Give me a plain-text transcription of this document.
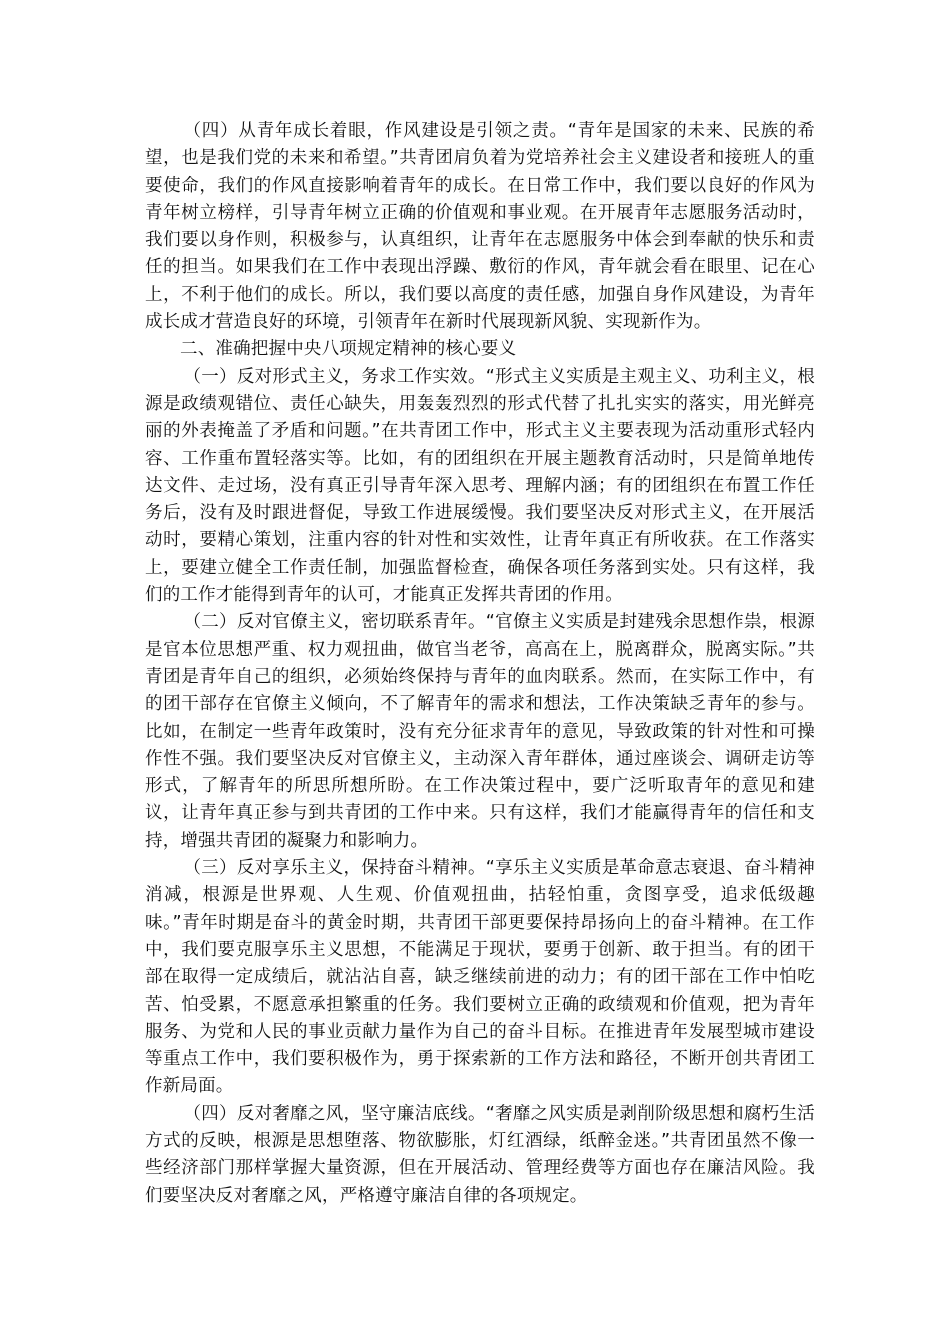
（四）从青年成长着眼，作风建设是引领之责。“青年是国家的未来、民族的希望，也是我们党的未来和希望。”共青团肩负着为党培养社会主义建设者和接班人的重要使命，我们的作风直接影响着青年的成长。在日常工作中，我们要以良好的作风为青年树立榜样，引导青年树立正确的价值观和事业观。在开展青年志愿服务活动时，我们要以身作则，积极参与，认真组织，让青年在志愿服务中体会到奉献的快乐和责任的担当。如果我们在工作中表现出浮躁、敷衍的作风，青年就会看在眼里、记在心上，不利于他们的成长。所以，我们要以高度的责任感，加强自身作风建设，为青年成长成才营造良好的环境，引领青年在新时代展现新风貌、实现新作为。

二、准确把握中央八项规定精神的核心要义

（一）反对形式主义，务求工作实效。“形式主义实质是主观主义、功利主义，根源是政绩观错位、责任心缺失，用轰轰烈烈的形式代替了扎扎实实的落实，用光鲜亮丽的外表掩盖了矛盾和问题。”在共青团工作中，形式主义主要表现为活动重形式轻内容、工作重布置轻落实等。比如，有的团组织在开展主题教育活动时，只是简单地传达文件、走过场，没有真正引导青年深入思考、理解内涵；有的团组织在布置工作任务后，没有及时跟进督促，导致工作进展缓慢。我们要坚决反对形式主义，在开展活动时，要精心策划，注重内容的针对性和实效性，让青年真正有所收获。在工作落实上，要建立健全工作责任制，加强监督检查，确保各项任务落到实处。只有这样，我们的工作才能得到青年的认可，才能真正发挥共青团的作用。

（二）反对官僚主义，密切联系青年。“官僚主义实质是封建残余思想作祟，根源是官本位思想严重、权力观扭曲，做官当老爷，高高在上，脱离群众，脱离实际。”共青团是青年自己的组织，必须始终保持与青年的血肉联系。然而，在实际工作中，有的团干部存在官僚主义倾向，不了解青年的需求和想法，工作决策缺乏青年的参与。比如，在制定一些青年政策时，没有充分征求青年的意见，导致政策的针对性和可操作性不强。我们要坚决反对官僚主义，主动深入青年群体，通过座谈会、调研走访等形式，了解青年的所思所想所盼。在工作决策过程中，要广泛听取青年的意见和建议，让青年真正参与到共青团的工作中来。只有这样，我们才能赢得青年的信任和支持，增强共青团的凝聚力和影响力。

（三）反对享乐主义，保持奋斗精神。“享乐主义实质是革命意志衰退、奋斗精神消减，根源是世界观、人生观、价值观扭曲，拈轻怕重，贪图享受，追求低级趣味。”青年时期是奋斗的黄金时期，共青团干部更要保持昂扬向上的奋斗精神。在工作中，我们要克服享乐主义思想，不能满足于现状，要勇于创新、敢于担当。有的团干部在取得一定成绩后，就沾沾自喜，缺乏继续前进的动力；有的团干部在工作中怕吃苦、怕受累，不愿意承担繁重的任务。我们要树立正确的政绩观和价值观，把为青年服务、为党和人民的事业贡献力量作为自己的奋斗目标。在推进青年发展型城市建设等重点工作中，我们要积极作为，勇于探索新的工作方法和路径，不断开创共青团工作新局面。

（四）反对奢靡之风，坚守廉洁底线。“奢靡之风实质是剥削阶级思想和腐朽生活方式的反映，根源是思想堕落、物欲膨胀，灯红酒绿，纸醉金迷。”共青团虽然不像一些经济部门那样掌握大量资源，但在开展活动、管理经费等方面也存在廉洁风险。我们要坚决反对奢靡之风，严格遵守廉洁自律的各项规定。
